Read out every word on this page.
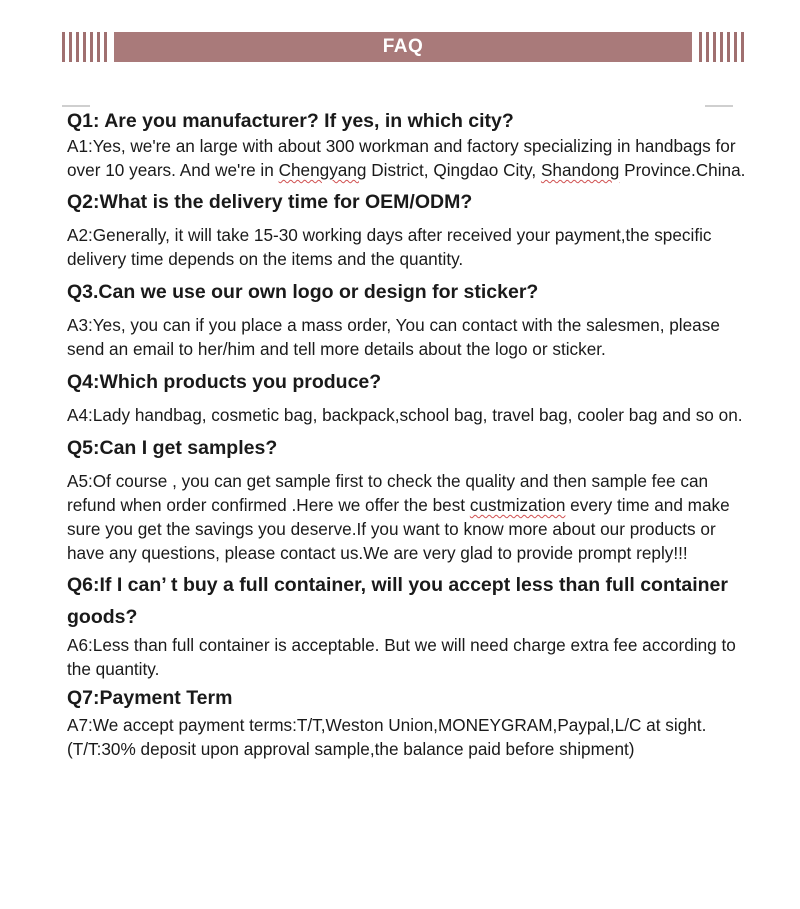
FAQ

Q1: Are you manufacturer? If yes, in which city?

A1:Yes, we're an large with about 300 workman and factory specializing in handbags for over 10 years. And we're in Chengyang District, Qingdao City, Shandong Province.China.

Q2:What is the delivery time for OEM/ODM?

A2:Generally, it will take 15-30 working days after received your payment,the specific delivery time depends on the items and the quantity.

Q3.Can we use our own logo or design for sticker?

A3:Yes, you can if you place a mass order, You can contact with the salesmen, please send an email to her/him and tell more details about the logo or sticker.

Q4:Which products you produce?

A4:Lady handbag, cosmetic bag, backpack,school bag, travel bag, cooler bag and so on.

Q5:Can I get samples?

A5:Of course , you can get sample first to check the quality and then sample fee can refund when order confirmed .Here we offer the best custmization every time and make sure you get the savings you deserve.If you want to know more about our products or have any questions, please contact us.We are very glad to provide prompt reply!!!

Q6:If I can’ t buy a full container, will you accept less than full container goods?

A6:Less than full container is acceptable. But we will need charge extra fee according to the quantity.

Q7:Payment Term

A7:We accept payment terms:T/T,Weston Union,MONEYGRAM,Paypal,L/C at sight.(T/T:30% deposit upon approval sample,the balance paid before shipment)
